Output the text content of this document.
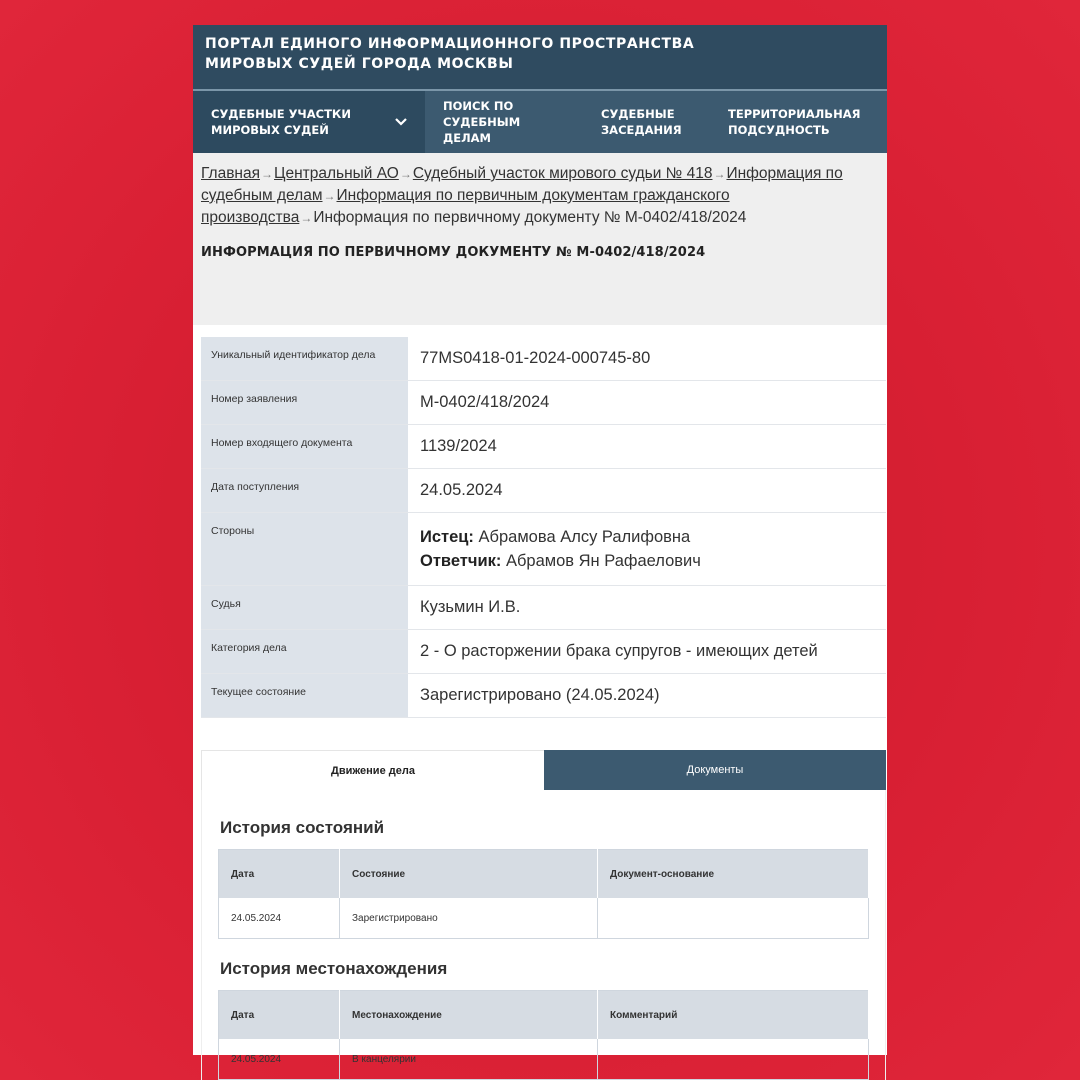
ПОРТАЛ ЕДИНОГО ИНФОРМАЦИОННОГО ПРОСТРАНСТВА
МИРОВЫХ СУДЕЙ ГОРОДА МОСКВЫ
СУДЕБНЫЕ УЧАСТКИ
МИРОВЫХ СУДЕЙ
ПОИСК ПО
СУДЕБНЫМ ДЕЛАМ
СУДЕБНЫЕ
ЗАСЕДАНИЯ
ТЕРРИТОРИАЛЬНАЯ
ПОДСУДНОСТЬ
Главная→Центральный АО→Судебный участок мирового судьи № 418→Информация по судебным делам→Информация по первичным документам гражданского производства→Информация по первичному документу № М-0402/418/2024
ИНФОРМАЦИЯ ПО ПЕРВИЧНОМУ ДОКУМЕНТУ № М-0402/418/2024
Уникальный идентификатор дела	77MS0418-01-2024-000745-80
Номер заявления	М-0402/418/2024
Номер входящего документа	1139/2024
Дата поступления	24.05.2024
Стороны	Истец: Абрамова Алсу Ралифовна
Ответчик: Абрамов Ян Рафаелович

Судья	Кузьмин И.В.
Категория дела	2 - О расторжении брака супругов - имеющих детей
Текущее состояние	Зарегистрировано (24.05.2024)
Движение дела	Документы
История состояний
Дата	Состояние	Документ-основание
24.05.2024	Зарегистрировано	
История местонахождения
Дата	Местонахождение	Комментарий
24.05.2024	В канцелярии	
